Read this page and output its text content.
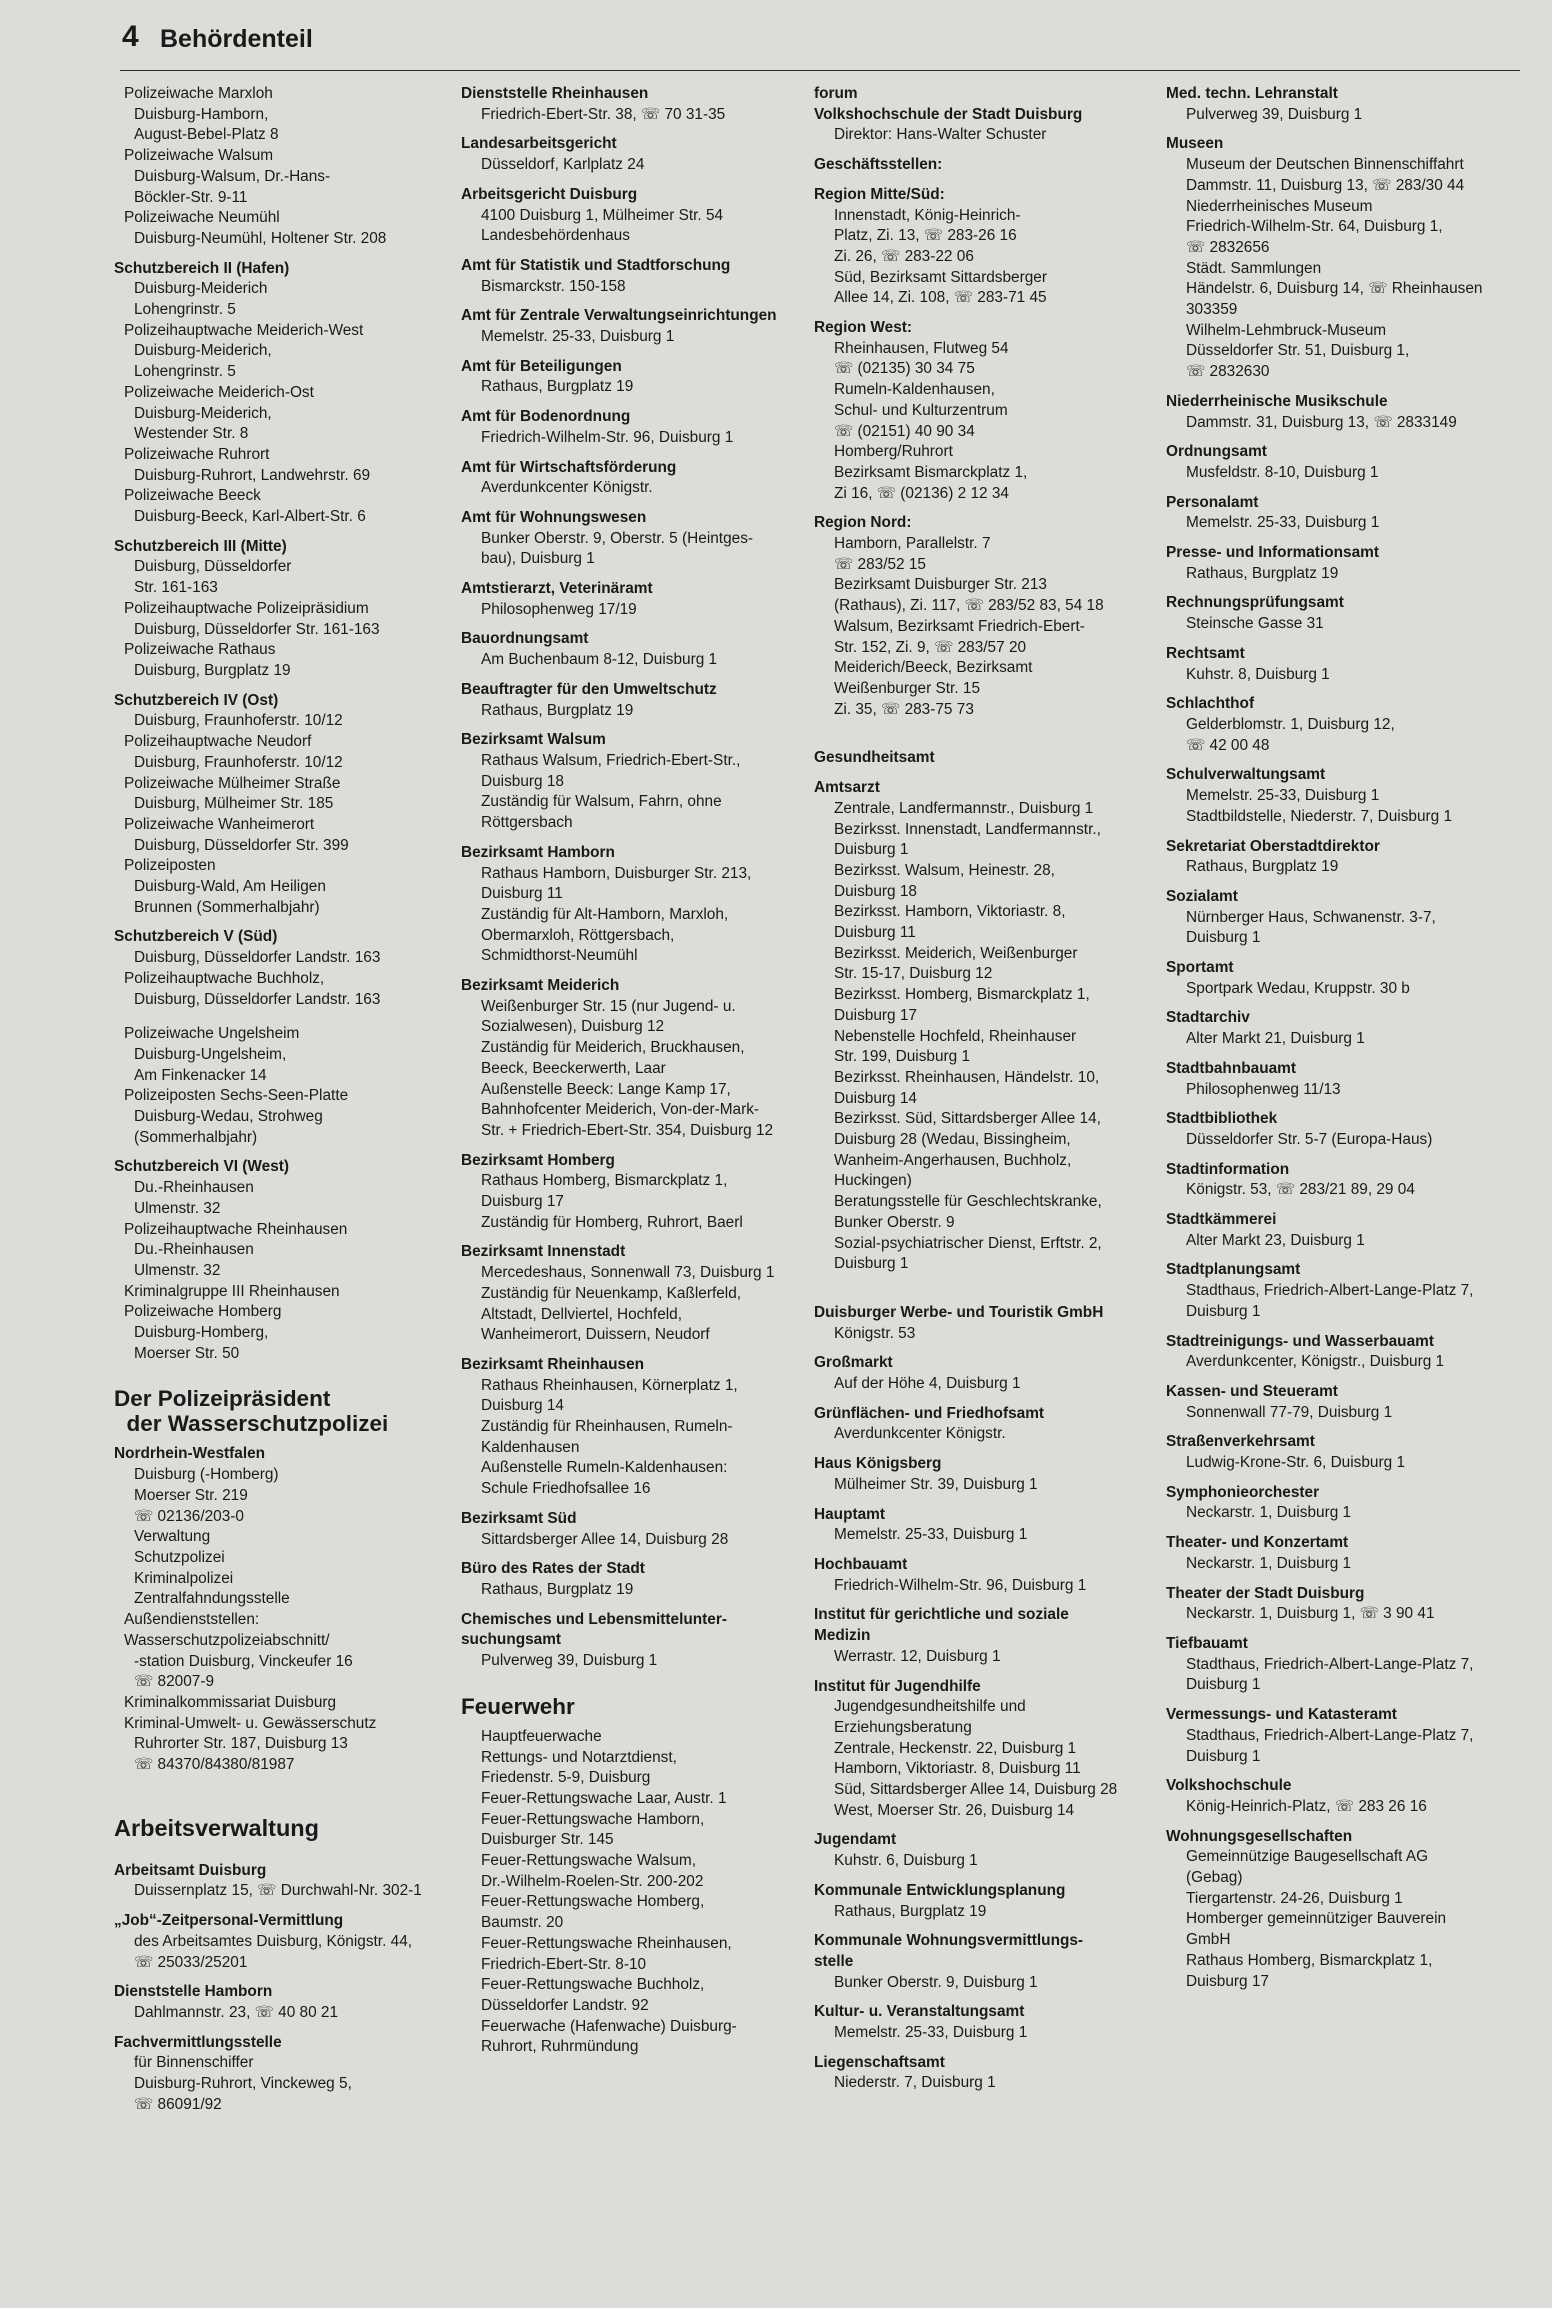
4 Behördenteil
Polizeiwache Marxloh
Duisburg-Hamborn,
August-Bebel-Platz 8
Polizeiwache Walsum
Duisburg-Walsum, Dr.-Hans-
Böckler-Str. 9-11
Polizeiwache Neumühl
Duisburg-Neumühl, Holtener Str. 208
Schutzbereich II (Hafen)
Duisburg-Meiderich
Lohengrinstr. 5
Polizeihauptwache Meiderich-West
Duisburg-Meiderich,
Lohengrinstr. 5
Polizeiwache Meiderich-Ost
Duisburg-Meiderich,
Westender Str. 8
Polizeiwache Ruhrort
Duisburg-Ruhrort, Landwehrstr. 69
Polizeiwache Beeck
Duisburg-Beeck, Karl-Albert-Str. 6
Schutzbereich III (Mitte)
Duisburg, Düsseldorfer
Str. 161-163
Polizeihauptwache Polizeipräsidium
Duisburg, Düsseldorfer Str. 161-163
Polizeiwache Rathaus
Duisburg, Burgplatz 19
Schutzbereich IV (Ost)
Duisburg, Fraunhoferstr. 10/12
Polizeihauptwache Neudorf
Duisburg, Fraunhoferstr. 10/12
Polizeiwache Mülheimer Straße
Duisburg, Mülheimer Str. 185
Polizeiwache Wanheimerort
Duisburg, Düsseldorfer Str. 399
Polizeiposten
Duisburg-Wald, Am Heiligen
Brunnen (Sommerhalbjahr)
Schutzbereich V (Süd)
Duisburg, Düsseldorfer Landstr. 163
Polizeihauptwache Buchholz,
Duisburg, Düsseldorfer Landstr. 163
Polizeiwache Ungelsheim
Duisburg-Ungelsheim,
Am Finkenacker 14
Polizeiposten Sechs-Seen-Platte
Duisburg-Wedau, Strohweg
(Sommerhalbjahr)
Schutzbereich VI (West)
Du.-Rheinhausen
Ulmenstr. 32
Polizeihauptwache Rheinhausen
Du.-Rheinhausen
Ulmenstr. 32
Kriminalgruppe III Rheinhausen
Polizeiwache Homberg
Duisburg-Homberg,
Moerser Str. 50
Der Polizeipräsident
der Wasserschutzpolizei
Nordrhein-Westfalen
Duisburg (-Homberg)
Moerser Str. 219
☏ 02136/203-0
Verwaltung
Schutzpolizei
Kriminalpolizei
Zentralfahndungsstelle
Außendienststellen:
Wasserschutzpolizeiabschnitt/
-station Duisburg, Vinckeufer 16
☏ 82007-9
Kriminalkommissariat Duisburg
Kriminal-Umwelt- u. Gewässerschutz
Ruhrorter Str. 187, Duisburg 13
☏ 84370/84380/81987
Arbeitsverwaltung
Arbeitsamt Duisburg
Duissernplatz 15, ☏ Durchwahl-Nr. 302-1
„Job“-Zeitpersonal-Vermittlung
des Arbeitsamtes Duisburg, Königstr. 44,
☏ 25033/25201
Dienststelle Hamborn
Dahlmannstr. 23, ☏ 40 80 21
Fachvermittlungsstelle
für Binnenschiffer
Duisburg-Ruhrort, Vinckeweg 5,
☏ 86091/92
Dienststelle Rheinhausen
Friedrich-Ebert-Str. 38, ☏ 70 31-35
Landesarbeitsgericht
Düsseldorf, Karlplatz 24
Arbeitsgericht Duisburg
4100 Duisburg 1, Mülheimer Str. 54
Landesbehördenhaus
Amt für Statistik und Stadtforschung
Bismarckstr. 150-158
Amt für Zentrale Verwaltungseinrichtungen
Memelstr. 25-33, Duisburg 1
Amt für Beteiligungen
Rathaus, Burgplatz 19
Amt für Bodenordnung
Friedrich-Wilhelm-Str. 96, Duisburg 1
Amt für Wirtschaftsförderung
Averdunkcenter Königstr.
Amt für Wohnungswesen
Bunker Oberstr. 9, Oberstr. 5 (Heintges-
bau), Duisburg 1
Amtstierarzt, Veterinäramt
Philosophenweg 17/19
Bauordnungsamt
Am Buchenbaum 8-12, Duisburg 1
Beauftragter für den Umweltschutz
Rathaus, Burgplatz 19
Bezirksamt Walsum
Rathaus Walsum, Friedrich-Ebert-Str.,
Duisburg 18
Zuständig für Walsum, Fahrn, ohne
Röttgersbach
Bezirksamt Hamborn
Rathaus Hamborn, Duisburger Str. 213,
Duisburg 11
Zuständig für Alt-Hamborn, Marxloh,
Obermarxloh, Röttgersbach,
Schmidthorst-Neumühl
Bezirksamt Meiderich
Weißenburger Str. 15 (nur Jugend- u.
Sozialwesen), Duisburg 12
Zuständig für Meiderich, Bruckhausen,
Beeck, Beeckerwerth, Laar
Außenstelle Beeck: Lange Kamp 17,
Bahnhofcenter Meiderich, Von-der-Mark-
Str. + Friedrich-Ebert-Str. 354, Duisburg 12
Bezirksamt Homberg
Rathaus Homberg, Bismarckplatz 1,
Duisburg 17
Zuständig für Homberg, Ruhrort, Baerl
Bezirksamt Innenstadt
Mercedeshaus, Sonnenwall 73, Duisburg 1
Zuständig für Neuenkamp, Kaßlerfeld,
Altstadt, Dellviertel, Hochfeld,
Wanheimerort, Duissern, Neudorf
Bezirksamt Rheinhausen
Rathaus Rheinhausen, Körnerplatz 1,
Duisburg 14
Zuständig für Rheinhausen, Rumeln-
Kaldenhausen
Außenstelle Rumeln-Kaldenhausen:
Schule Friedhofsallee 16
Bezirksamt Süd
Sittardsberger Allee 14, Duisburg 28
Büro des Rates der Stadt
Rathaus, Burgplatz 19
Chemisches und Lebensmittelunter-
suchungsamt
Pulverweg 39, Duisburg 1
Feuerwehr
Hauptfeuerwache
Rettungs- und Notarztdienst,
Friedenstr. 5-9, Duisburg
Feuer-Rettungswache Laar, Austr. 1
Feuer-Rettungswache Hamborn,
Duisburger Str. 145
Feuer-Rettungswache Walsum,
Dr.-Wilhelm-Roelen-Str. 200-202
Feuer-Rettungswache Homberg,
Baumstr. 20
Feuer-Rettungswache Rheinhausen,
Friedrich-Ebert-Str. 8-10
Feuer-Rettungswache Buchholz,
Düsseldorfer Landstr. 92
Feuerwache (Hafenwache) Duisburg-
Ruhrort, Ruhrmündung
forum
Volkshochschule der Stadt Duisburg
Direktor: Hans-Walter Schuster
Geschäftsstellen:
Region Mitte/Süd:
Innenstadt, König-Heinrich-
Platz, Zi. 13, ☏ 283-26 16
Zi. 26, ☏ 283-22 06
Süd, Bezirksamt Sittardsberger
Allee 14, Zi. 108, ☏ 283-71 45
Region West:
Rheinhausen, Flutweg 54
☏ (02135) 30 34 75
Rumeln-Kaldenhausen,
Schul- und Kulturzentrum
☏ (02151) 40 90 34
Homberg/Ruhrort
Bezirksamt Bismarckplatz 1,
Zi 16, ☏ (02136) 2 12 34
Region Nord:
Hamborn, Parallelstr. 7
☏ 283/52 15
Bezirksamt Duisburger Str. 213
(Rathaus), Zi. 117, ☏ 283/52 83, 54 18
Walsum, Bezirksamt Friedrich-Ebert-
Str. 152, Zi. 9, ☏ 283/57 20
Meiderich/Beeck, Bezirksamt
Weißenburger Str. 15
Zi. 35, ☏ 283-75 73
Gesundheitsamt
Amtsarzt
Zentrale, Landfermannstr., Duisburg 1
Bezirksst. Innenstadt, Landfermannstr.,
Duisburg 1
Bezirksst. Walsum, Heinestr. 28,
Duisburg 18
Bezirksst. Hamborn, Viktoriastr. 8,
Duisburg 11
Bezirksst. Meiderich, Weißenburger
Str. 15-17, Duisburg 12
Bezirksst. Homberg, Bismarckplatz 1,
Duisburg 17
Nebenstelle Hochfeld, Rheinhauser
Str. 199, Duisburg 1
Bezirksst. Rheinhausen, Händelstr. 10,
Duisburg 14
Bezirksst. Süd, Sittardsberger Allee 14,
Duisburg 28 (Wedau, Bissingheim,
Wanheim-Angerhausen, Buchholz,
Huckingen)
Beratungsstelle für Geschlechtskranke,
Bunker Oberstr. 9
Sozial-psychiatrischer Dienst, Erftstr. 2,
Duisburg 1
Duisburger Werbe- und Touristik GmbH
Königstr. 53
Großmarkt
Auf der Höhe 4, Duisburg 1
Grünflächen- und Friedhofsamt
Averdunkcenter Königstr.
Haus Königsberg
Mülheimer Str. 39, Duisburg 1
Hauptamt
Memelstr. 25-33, Duisburg 1
Hochbauamt
Friedrich-Wilhelm-Str. 96, Duisburg 1
Institut für gerichtliche und soziale
Medizin
Werrastr. 12, Duisburg 1
Institut für Jugendhilfe
Jugendgesundheitshilfe und
Erziehungsberatung
Zentrale, Heckenstr. 22, Duisburg 1
Hamborn, Viktoriastr. 8, Duisburg 11
Süd, Sittardsberger Allee 14, Duisburg 28
West, Moerser Str. 26, Duisburg 14
Jugendamt
Kuhstr. 6, Duisburg 1
Kommunale Entwicklungsplanung
Rathaus, Burgplatz 19
Kommunale Wohnungsvermittlungs-
stelle
Bunker Oberstr. 9, Duisburg 1
Kultur- u. Veranstaltungsamt
Memelstr. 25-33, Duisburg 1
Liegenschaftsamt
Niederstr. 7, Duisburg 1
Med. techn. Lehranstalt
Pulverweg 39, Duisburg 1
Museen
Museum der Deutschen Binnenschiffahrt
Dammstr. 11, Duisburg 13, ☏ 283/30 44
Niederrheinisches Museum
Friedrich-Wilhelm-Str. 64, Duisburg 1,
☏ 2832656
Städt. Sammlungen
Händelstr. 6, Duisburg 14, ☏ Rheinhausen
303359
Wilhelm-Lehmbruck-Museum
Düsseldorfer Str. 51, Duisburg 1,
☏ 2832630
Niederrheinische Musikschule
Dammstr. 31, Duisburg 13, ☏ 2833149
Ordnungsamt
Musfeldstr. 8-10, Duisburg 1
Personalamt
Memelstr. 25-33, Duisburg 1
Presse- und Informationsamt
Rathaus, Burgplatz 19
Rechnungsprüfungsamt
Steinsche Gasse 31
Rechtsamt
Kuhstr. 8, Duisburg 1
Schlachthof
Gelderblomstr. 1, Duisburg 12,
☏ 42 00 48
Schulverwaltungsamt
Memelstr. 25-33, Duisburg 1
Stadtbildstelle, Niederstr. 7, Duisburg 1
Sekretariat Oberstadtdirektor
Rathaus, Burgplatz 19
Sozialamt
Nürnberger Haus, Schwanenstr. 3-7,
Duisburg 1
Sportamt
Sportpark Wedau, Kruppstr. 30 b
Stadtarchiv
Alter Markt 21, Duisburg 1
Stadtbahnbauamt
Philosophenweg 11/13
Stadtbibliothek
Düsseldorfer Str. 5-7 (Europa-Haus)
Stadtinformation
Königstr. 53, ☏ 283/21 89, 29 04
Stadtkämmerei
Alter Markt 23, Duisburg 1
Stadtplanungsamt
Stadthaus, Friedrich-Albert-Lange-Platz 7,
Duisburg 1
Stadtreinigungs- und Wasserbauamt
Averdunkcenter, Königstr., Duisburg 1
Kassen- und Steueramt
Sonnenwall 77-79, Duisburg 1
Straßenverkehrsamt
Ludwig-Krone-Str. 6, Duisburg 1
Symphonieorchester
Neckarstr. 1, Duisburg 1
Theater- und Konzertamt
Neckarstr. 1, Duisburg 1
Theater der Stadt Duisburg
Neckarstr. 1, Duisburg 1, ☏ 3 90 41
Tiefbauamt
Stadthaus, Friedrich-Albert-Lange-Platz 7,
Duisburg 1
Vermessungs- und Katasteramt
Stadthaus, Friedrich-Albert-Lange-Platz 7,
Duisburg 1
Volkshochschule
König-Heinrich-Platz, ☏ 283 26 16
Wohnungsgesellschaften
Gemeinnützige Baugesellschaft AG
(Gebag)
Tiergartenstr. 24-26, Duisburg 1
Homberger gemeinnütziger Bauverein
GmbH
Rathaus Homberg, Bismarckplatz 1,
Duisburg 17
